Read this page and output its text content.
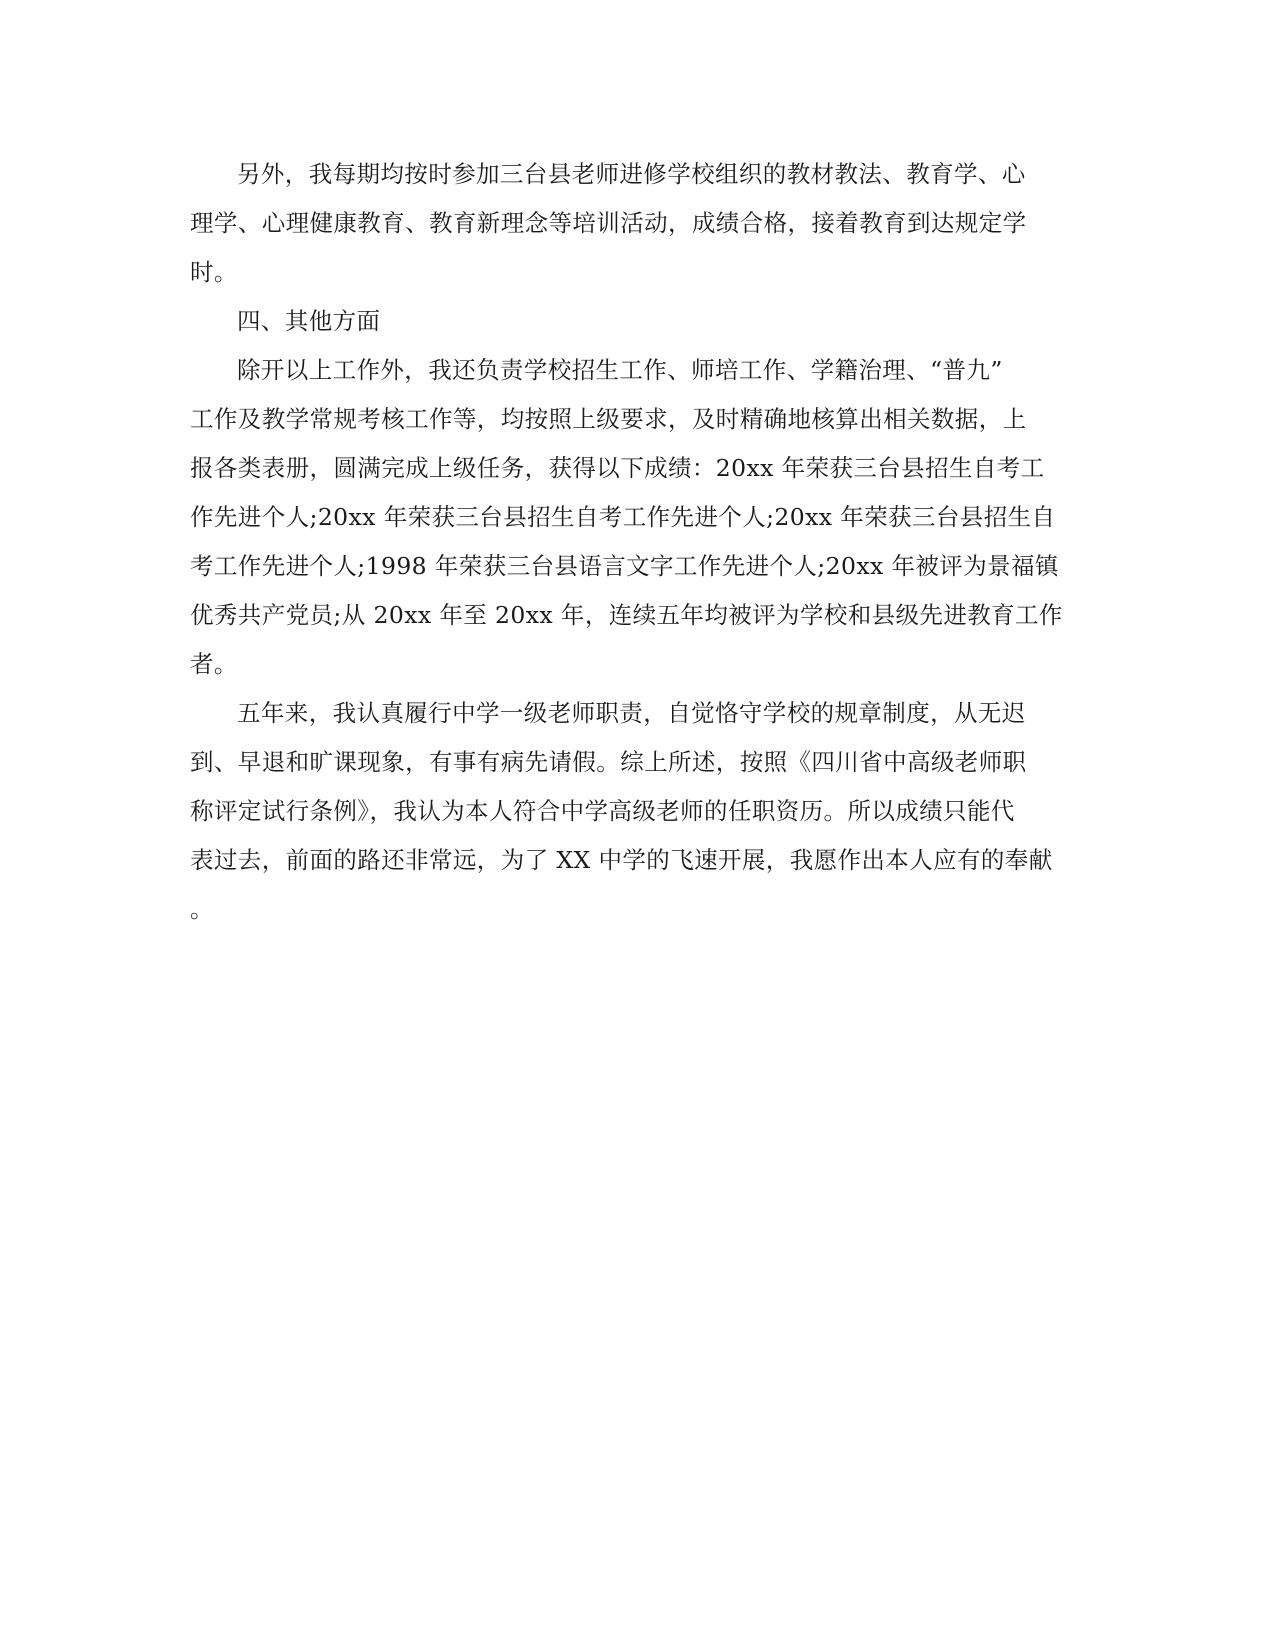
另外，我每期均按时参加三台县老师进修学校组织的教材教法、教育学、心
理学、心理健康教育、教育新理念等培训活动，成绩合格，接着教育到达规定学
时。
四、其他方面
除开以上工作外，我还负责学校招生工作、师培工作、学籍治理、“普九”
工作及教学常规考核工作等，均按照上级要求，及时精确地核算出相关数据，上
报各类表册，圆满完成上级任务，获得以下成绩：20xx 年荣获三台县招生自考工
作先进个人;20xx 年荣获三台县招生自考工作先进个人;20xx 年荣获三台县招生自
考工作先进个人;1998 年荣获三台县语言文字工作先进个人;20xx 年被评为景福镇
优秀共产党员;从 20xx 年至 20xx 年，连续五年均被评为学校和县级先进教育工作
者。
五年来，我认真履行中学一级老师职责，自觉恪守学校的规章制度，从无迟
到、早退和旷课现象，有事有病先请假。综上所述，按照《四川省中高级老师职
称评定试行条例》，我认为本人符合中学高级老师的任职资历。所以成绩只能代
表过去，前面的路还非常远，为了 XX 中学的飞速开展，我愿作出本人应有的奉献
。
